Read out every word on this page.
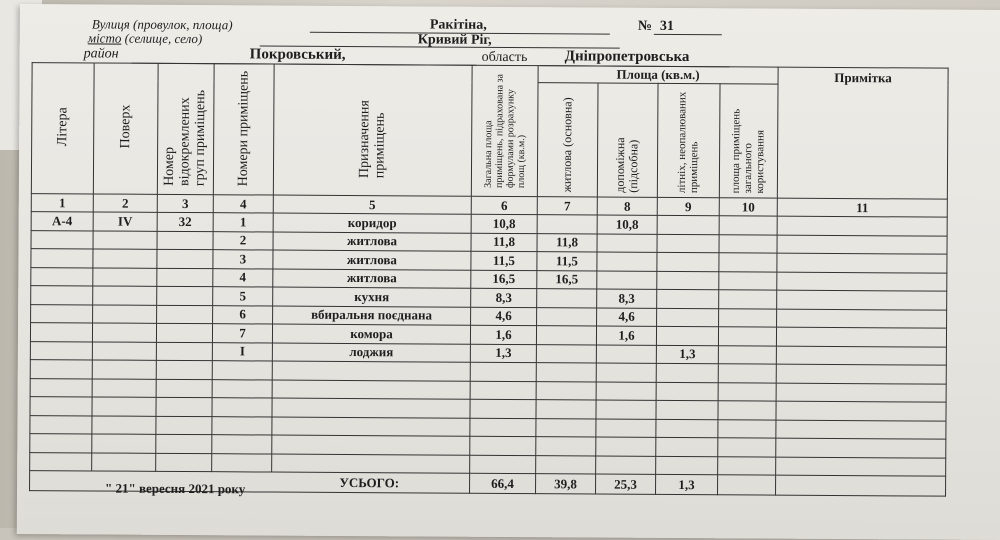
Вулиця (провулок, площа)	Ракітіна,	№ 31
місто (селище, село)	Кривий Ріг,
район	Покровський,	область Дніпропетровська
Літера	Поверх	Номер відокремлених груп приміщень	Номери приміщень	Призначення приміщень	Загальна площа приміщень, підрахована за формулами розрахунку площ (кв.м.)	Площа (кв.м.)				Примітка
						житлова (основна)	допоміжна (підсобна)	літніх, неопалюваних приміщень	площа приміщень загального користування	
1	2	3	4	5	6	7	8	9	10	11
А-4	IV	32	1	коридор	10,8		10,8			
			2	житлова	11,8	11,8				
			3	житлова	11,5	11,5				
			4	житлова	16,5	16,5				
			5	кухня	8,3		8,3			
			6	вбиральня поєднана	4,6		4,6			
			7	комора	1,6		1,6			
			I	лоджия	1,3			1,3		

УСЬОГО:					66,4	39,8	25,3	1,3		
" 21" вересня 2021 року
